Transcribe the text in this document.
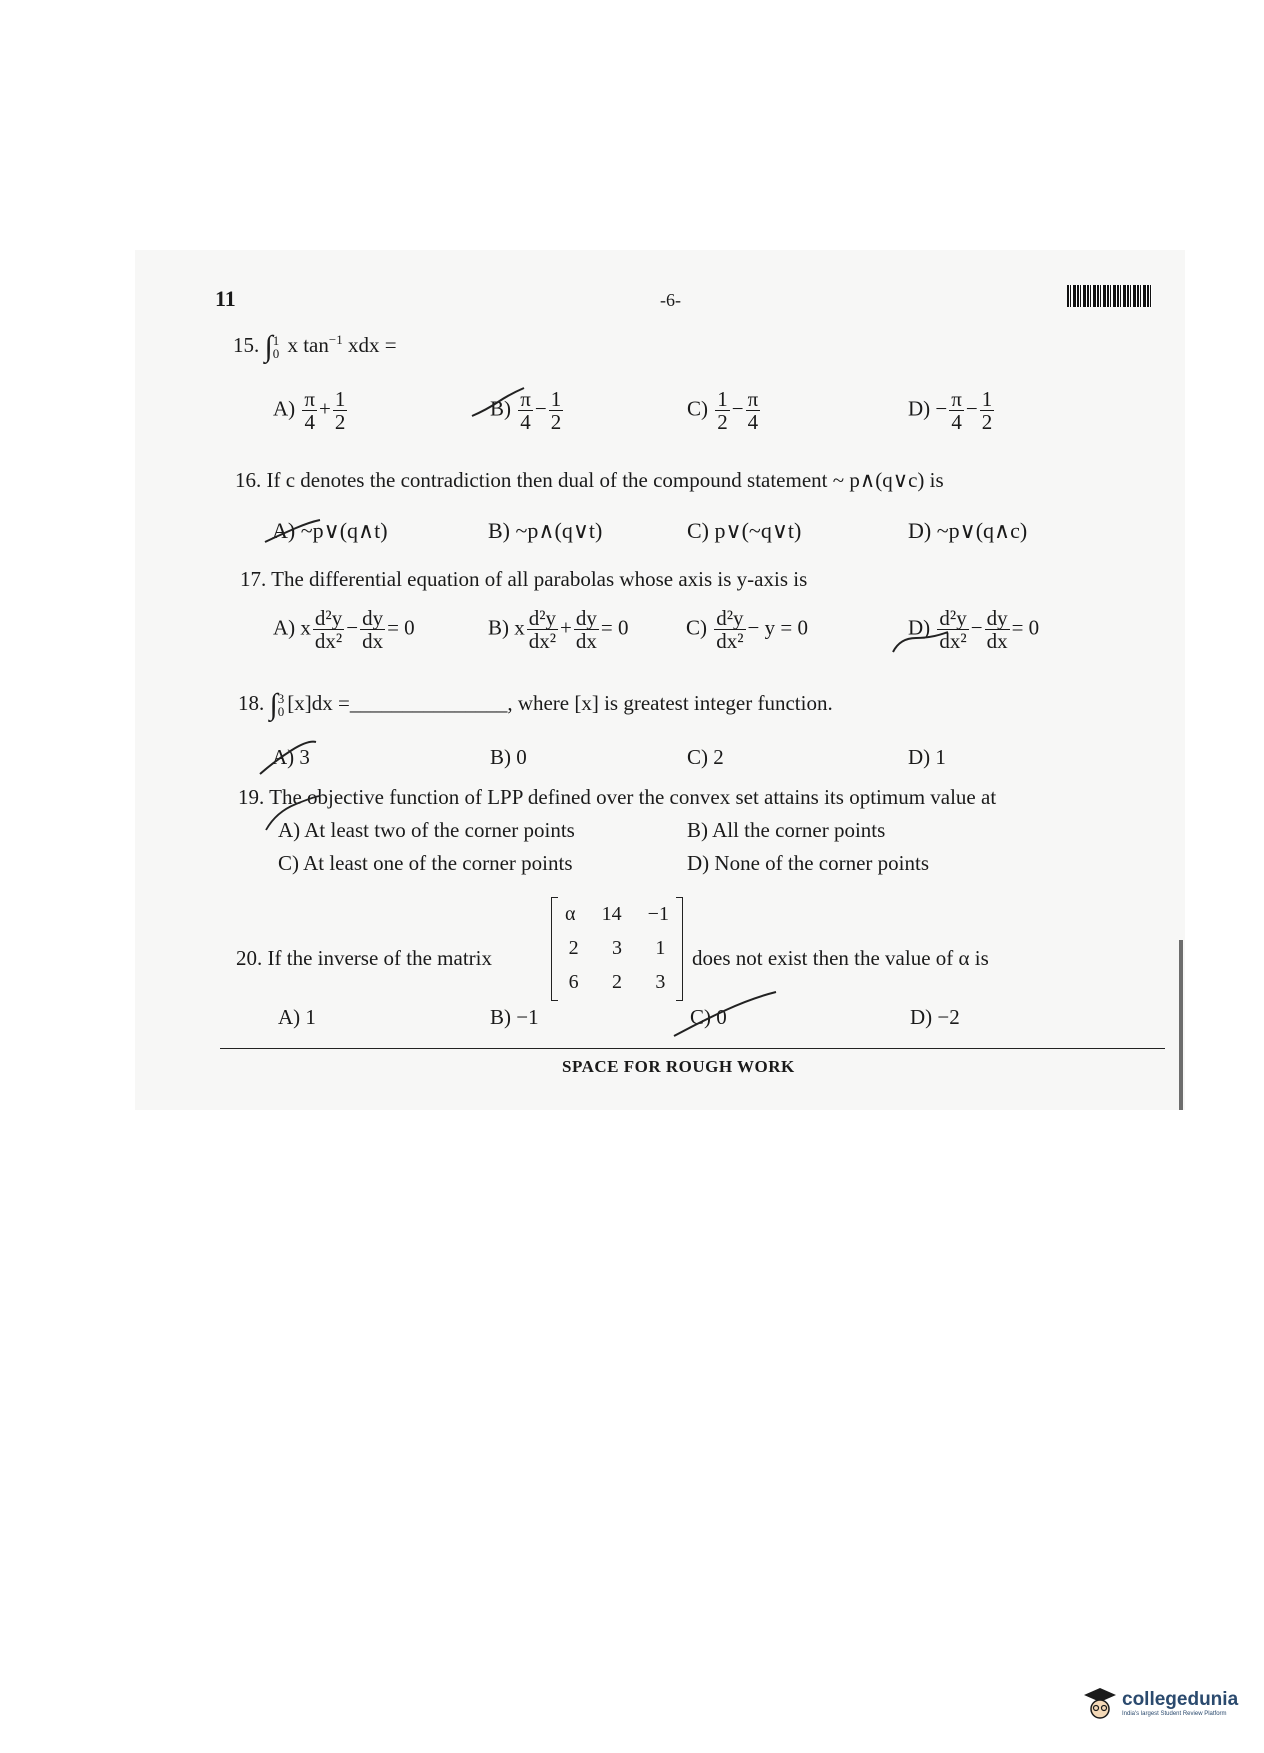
11	-6-
15. ∫ 1
0 x $\tan^{-1}$ xdx =
$A) \frac{\pi}{4} + \frac{1}{2}$	$B) \frac{\pi}{4} - \frac{1}{2}$	$C) \frac{1}{2} - \frac{\pi}{4}$	$D) - \frac{\pi}{4} - \frac{1}{2}$
16. If c denotes the contradiction then dual of the compound statement ~ p∧(q∨c) is
A) ~p∨(q∧t)	B) ~p∧(q∨t)	C) p∨(~q∨t)	D) ~p∨(q∧c)
17. The differential equation of all parabolas whose axis is y-axis is
A) x $\frac{\text{d²y}}{\text{dx²}} - \frac{dy}{dx} = 0$	B) x $\frac{\text{d²y}}{\text{dx²}} + \frac{dy}{dx} = 0$	$C) \frac{\text{d²y}}{\text{dx²}} - y = 0$	$D) \frac{\text{d²y}}{\text{dx²}} - \frac{dy}{dx} = 0$
18. ∫ 3
0 [x]dx =_______________, where [x] is greatest integer function.
A) 3	B) 0	C) 2	D) 1
19. The objective function of LPP defined over the convex set attains its optimum value at
A) At least two of the corner points	B) All the corner points
C) At least one of the corner points	D) None of the corner points
20. If the inverse of the matrix
α 14 −1
2 3 1
6 2 3
does not exist then the value of α is
A) 1	B) −1	C) 0	D) −2
SPACE FOR ROUGH WORK
collegedunia
India's largest Student Review Platform
